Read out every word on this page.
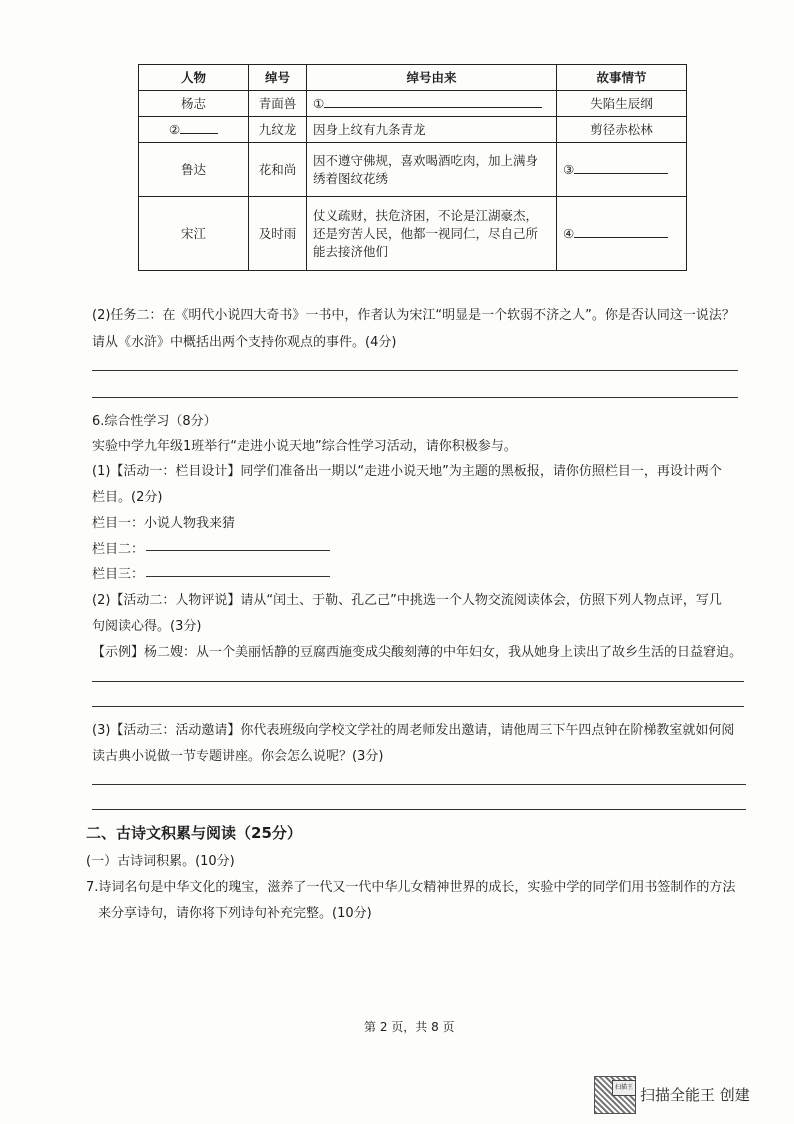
人物	绰号	绰号由来	故事情节
杨志	青面兽	①	失陷生辰纲
②	九纹龙	因身上纹有九条青龙	剪径赤松林
鲁达	花和尚	因不遵守佛规，喜欢喝酒吃肉，加上满身绣着图纹花绣	③
宋江	及时雨	仗义疏财，扶危济困，不论是江湖豪杰，还是穷苦人民，他都一视同仁，尽自己所能去接济他们	④
(2)任务二：在《明代小说四大奇书》一书中，作者认为宋江“明显是一个软弱不济之人”。你是否认同这一说法？
请从《水浒》中概括出两个支持你观点的事件。(4分)
6.综合性学习（8分）
实验中学九年级1班举行“走进小说天地”综合性学习活动，请你积极参与。
(1)【活动一：栏目设计】同学们准备出一期以“走进小说天地”为主题的黑板报，请你仿照栏目一，再设计两个
栏目。(2分)
栏目一：小说人物我来猜
栏目二：
栏目三：
(2)【活动二：人物评说】请从“闰土、于勒、孔乙己”中挑选一个人物交流阅读体会，仿照下列人物点评，写几
句阅读心得。(3分)
【示例】杨二嫂：从一个美丽恬静的豆腐西施变成尖酸刻薄的中年妇女，我从她身上读出了故乡生活的日益窘迫。
(3)【活动三：活动邀请】你代表班级向学校文学社的周老师发出邀请，请他周三下午四点钟在阶梯教室就如何阅
读古典小说做一节专题讲座。你会怎么说呢？(3分)
二、古诗文积累与阅读（25分）
(一）古诗词积累。(10分)
7.诗词名句是中华文化的瑰宝，滋养了一代又一代中华儿女精神世界的成长，实验中学的同学们用书签制作的方法
来分享诗句，请你将下列诗句补充完整。(10分)
第 2 页，共 8 页
扫描王 扫描全能王 创建
